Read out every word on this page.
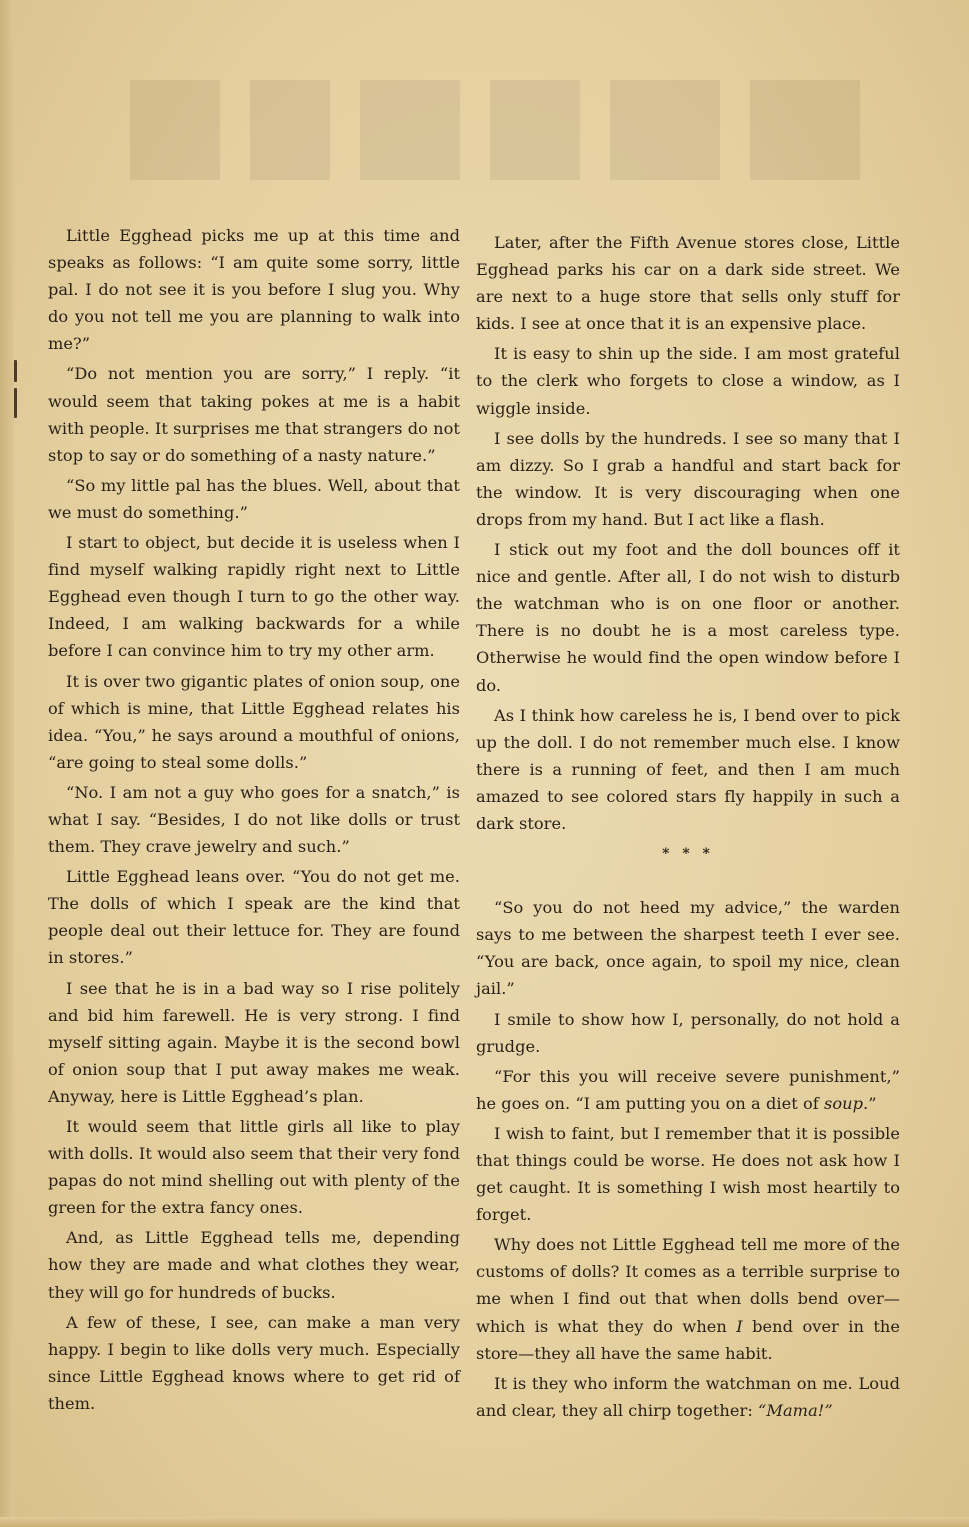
Little Egghead picks me up at this time and speaks as follows: “I am quite some sorry, little pal. I do not see it is you before I slug you. Why do you not tell me you are planning to walk into me?”

“Do not mention you are sorry,” I reply. “it would seem that taking pokes at me is a habit with people. It surprises me that strangers do not stop to say or do something of a nasty nature.”

“So my little pal has the blues. Well, about that we must do something.”

I start to object, but decide it is useless when I find myself walking rapidly right next to Little Egghead even though I turn to go the other way. Indeed, I am walking backwards for a while before I can convince him to try my other arm.

It is over two gigantic plates of onion soup, one of which is mine, that Little Egghead relates his idea. “You,” he says around a mouthful of onions, “are going to steal some dolls.”

“No. I am not a guy who goes for a snatch,” is what I say. “Besides, I do not like dolls or trust them. They crave jewelry and such.”

Little Egghead leans over. “You do not get me. The dolls of which I speak are the kind that people deal out their lettuce for. They are found in stores.”

I see that he is in a bad way so I rise politely and bid him farewell. He is very strong. I find myself sitting again. Maybe it is the second bowl of onion soup that I put away makes me weak. Anyway, here is Little Egghead’s plan.

It would seem that little girls all like to play with dolls. It would also seem that their very fond papas do not mind shelling out with plenty of the green for the extra fancy ones.

And, as Little Egghead tells me, depending how they are made and what clothes they wear, they will go for hundreds of bucks.

A few of these, I see, can make a man very happy. I begin to like dolls very much. Especially since Little Egghead knows where to get rid of them.

Later, after the Fifth Avenue stores close, Little Egghead parks his car on a dark side street. We are next to a huge store that sells only stuff for kids. I see at once that it is an expensive place.

It is easy to shin up the side. I am most grateful to the clerk who forgets to close a window, as I wiggle inside.

I see dolls by the hundreds. I see so many that I am dizzy. So I grab a handful and start back for the window. It is very discouraging when one drops from my hand. But I act like a flash.

I stick out my foot and the doll bounces off it nice and gentle. After all, I do not wish to disturb the watchman who is on one floor or another. There is no doubt he is a most careless type. Otherwise he would find the open window before I do.

As I think how careless he is, I bend over to pick up the doll. I do not remember much else. I know there is a running of feet, and then I am much amazed to see colored stars fly happily in such a dark store.

* * *

“So you do not heed my advice,” the warden says to me between the sharpest teeth I ever see. “You are back, once again, to spoil my nice, clean jail.”

I smile to show how I, personally, do not hold a grudge.

“For this you will receive severe punishment,” he goes on. “I am putting you on a diet of soup.”

I wish to faint, but I remember that it is possible that things could be worse. He does not ask how I get caught. It is something I wish most heartily to forget.

Why does not Little Egghead tell me more of the customs of dolls? It comes as a terrible surprise to me when I find out that when dolls bend over—which is what they do when I bend over in the store—they all have the same habit.

It is they who inform the watchman on me. Loud and clear, they all chirp together: “Mama!”
